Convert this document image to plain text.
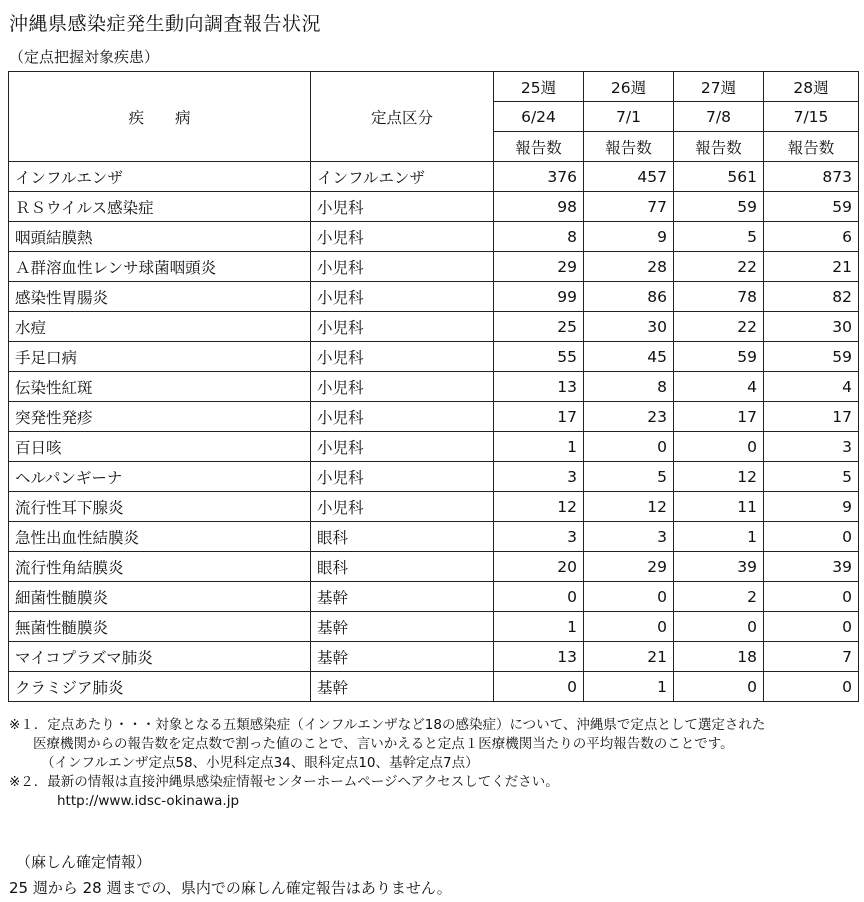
沖縄県感染症発生動向調査報告状況
（定点把握対象疾患）
疾　　病	定点区分	25週	26週	27週	28週
		6/24	7/1	7/8	7/15
		報告数	報告数	報告数	報告数
インフルエンザ	インフルエンザ	376	457	561	873
ＲＳウイルス感染症	小児科	98	77	59	59
咽頭結膜熱	小児科	8	9	5	6
Ａ群溶血性レンサ球菌咽頭炎	小児科	29	28	22	21
感染性胃腸炎	小児科	99	86	78	82
水痘	小児科	25	30	22	30
手足口病	小児科	55	45	59	59
伝染性紅斑	小児科	13	8	4	4
突発性発疹	小児科	17	23	17	17
百日咳	小児科	1	0	0	3
ヘルパンギーナ	小児科	3	5	12	5
流行性耳下腺炎	小児科	12	12	11	9
急性出血性結膜炎	眼科	3	3	1	0
流行性角結膜炎	眼科	20	29	39	39
細菌性髄膜炎	基幹	0	0	2	0
無菌性髄膜炎	基幹	1	0	0	0
マイコプラズマ肺炎	基幹	13	21	18	7
クラミジア肺炎	基幹	0	1	0	0
※１．定点あたり・・・対象となる五類感染症（インフルエンザなど18の感染症）について、沖縄県で定点として選定された
医療機関からの報告数を定点数で割った値のことで、言いかえると定点１医療機関当たりの平均報告数のことです。
（インフルエンザ定点58、小児科定点34、眼科定点10、基幹定点7点）
※２．最新の情報は直接沖縄県感染症情報センターホームページへアクセスしてください。
http://www.idsc-okinawa.jp
（麻しん確定情報）
25 週から 28 週までの、県内での麻しん確定報告はありません。
